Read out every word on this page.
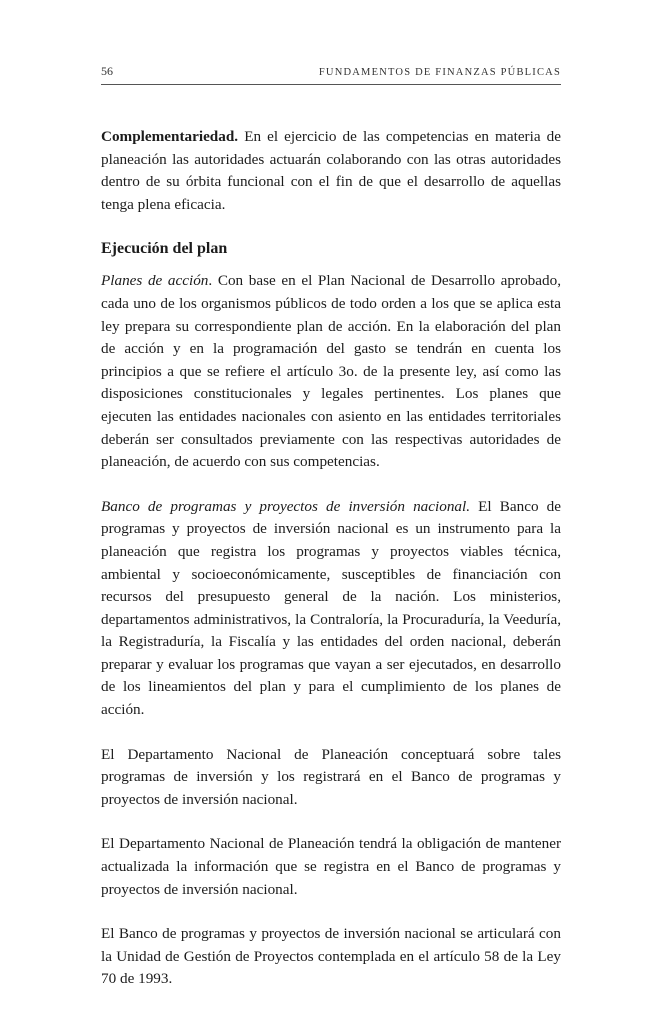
56	FUNDAMENTOS DE FINANZAS PÚBLICAS

Complementariedad. En el ejercicio de las competencias en materia de planeación las autoridades actuarán colaborando con las otras autoridades dentro de su órbita funcional con el fin de que el desarrollo de aquellas tenga plena eficacia.

Ejecución del plan

Planes de acción. Con base en el Plan Nacional de Desarrollo aprobado, cada uno de los organismos públicos de todo orden a los que se aplica esta ley prepara su correspondiente plan de acción. En la elaboración del plan de acción y en la programación del gasto se tendrán en cuenta los principios a que se refiere el artículo 3o. de la presente ley, así como las disposiciones constitucionales y legales pertinentes. Los planes que ejecuten las entidades nacionales con asiento en las entidades territoriales deberán ser consultados previamente con las respectivas autoridades de planeación, de acuerdo con sus competencias.

Banco de programas y proyectos de inversión nacional. El Banco de programas y proyectos de inversión nacional es un instrumento para la planeación que registra los programas y proyectos viables técnica, ambiental y socioeconómicamente, susceptibles de financiación con recursos del presupuesto general de la nación. Los ministerios, departamentos administrativos, la Contraloría, la Procuraduría, la Veeduría, la Registraduría, la Fiscalía y las entidades del orden nacional, deberán preparar y evaluar los programas que vayan a ser ejecutados, en desarrollo de los lineamientos del plan y para el cumplimiento de los planes de acción.

El Departamento Nacional de Planeación conceptuará sobre tales programas de inversión y los registrará en el Banco de programas y proyectos de inversión nacional.

El Departamento Nacional de Planeación tendrá la obligación de mantener actualizada la información que se registra en el Banco de programas y proyectos de inversión nacional.

El Banco de programas y proyectos de inversión nacional se articulará con la Unidad de Gestión de Proyectos contemplada en el artículo 58 de la Ley 70 de 1993.
